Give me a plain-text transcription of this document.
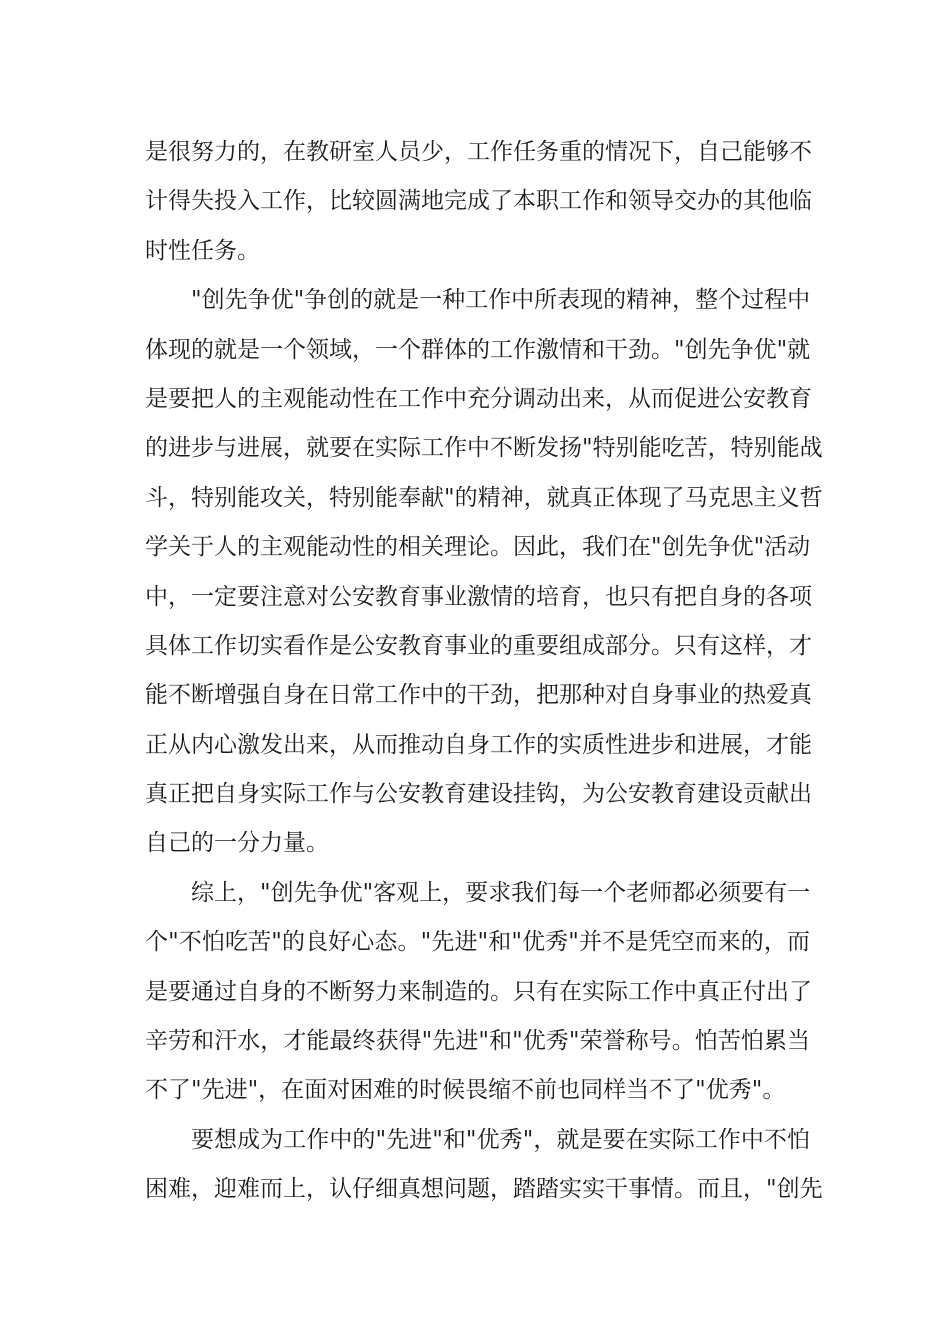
是很努力的，在教研室人员少，工作任务重的情况下，自己能够不
计得失投入工作，比较圆满地完成了本职工作和领导交办的其他临
时性任务。
"创先争优"争创的就是一种工作中所表现的精神，整个过程中
体现的就是一个领域，一个群体的工作激情和干劲。"创先争优"就
是要把人的主观能动性在工作中充分调动出来，从而促进公安教育
的进步与进展，就要在实际工作中不断发扬"特别能吃苦，特别能战
斗，特别能攻关，特别能奉献"的精神，就真正体现了马克思主义哲
学关于人的主观能动性的相关理论。因此，我们在"创先争优"活动
中，一定要注意对公安教育事业激情的培育，也只有把自身的各项
具体工作切实看作是公安教育事业的重要组成部分。只有这样，才
能不断增强自身在日常工作中的干劲，把那种对自身事业的热爱真
正从内心激发出来，从而推动自身工作的实质性进步和进展，才能
真正把自身实际工作与公安教育建设挂钩，为公安教育建设贡献出
自己的一分力量。
综上，"创先争优"客观上，要求我们每一个老师都必须要有一
个"不怕吃苦"的良好心态。"先进"和"优秀"并不是凭空而来的，而
是要通过自身的不断努力来制造的。只有在实际工作中真正付出了
辛劳和汗水，才能最终获得"先进"和"优秀"荣誉称号。怕苦怕累当
不了"先进"，在面对困难的时候畏缩不前也同样当不了"优秀"。
要想成为工作中的"先进"和"优秀"，就是要在实际工作中不怕
困难，迎难而上，认仔细真想问题，踏踏实实干事情。而且，"创先
